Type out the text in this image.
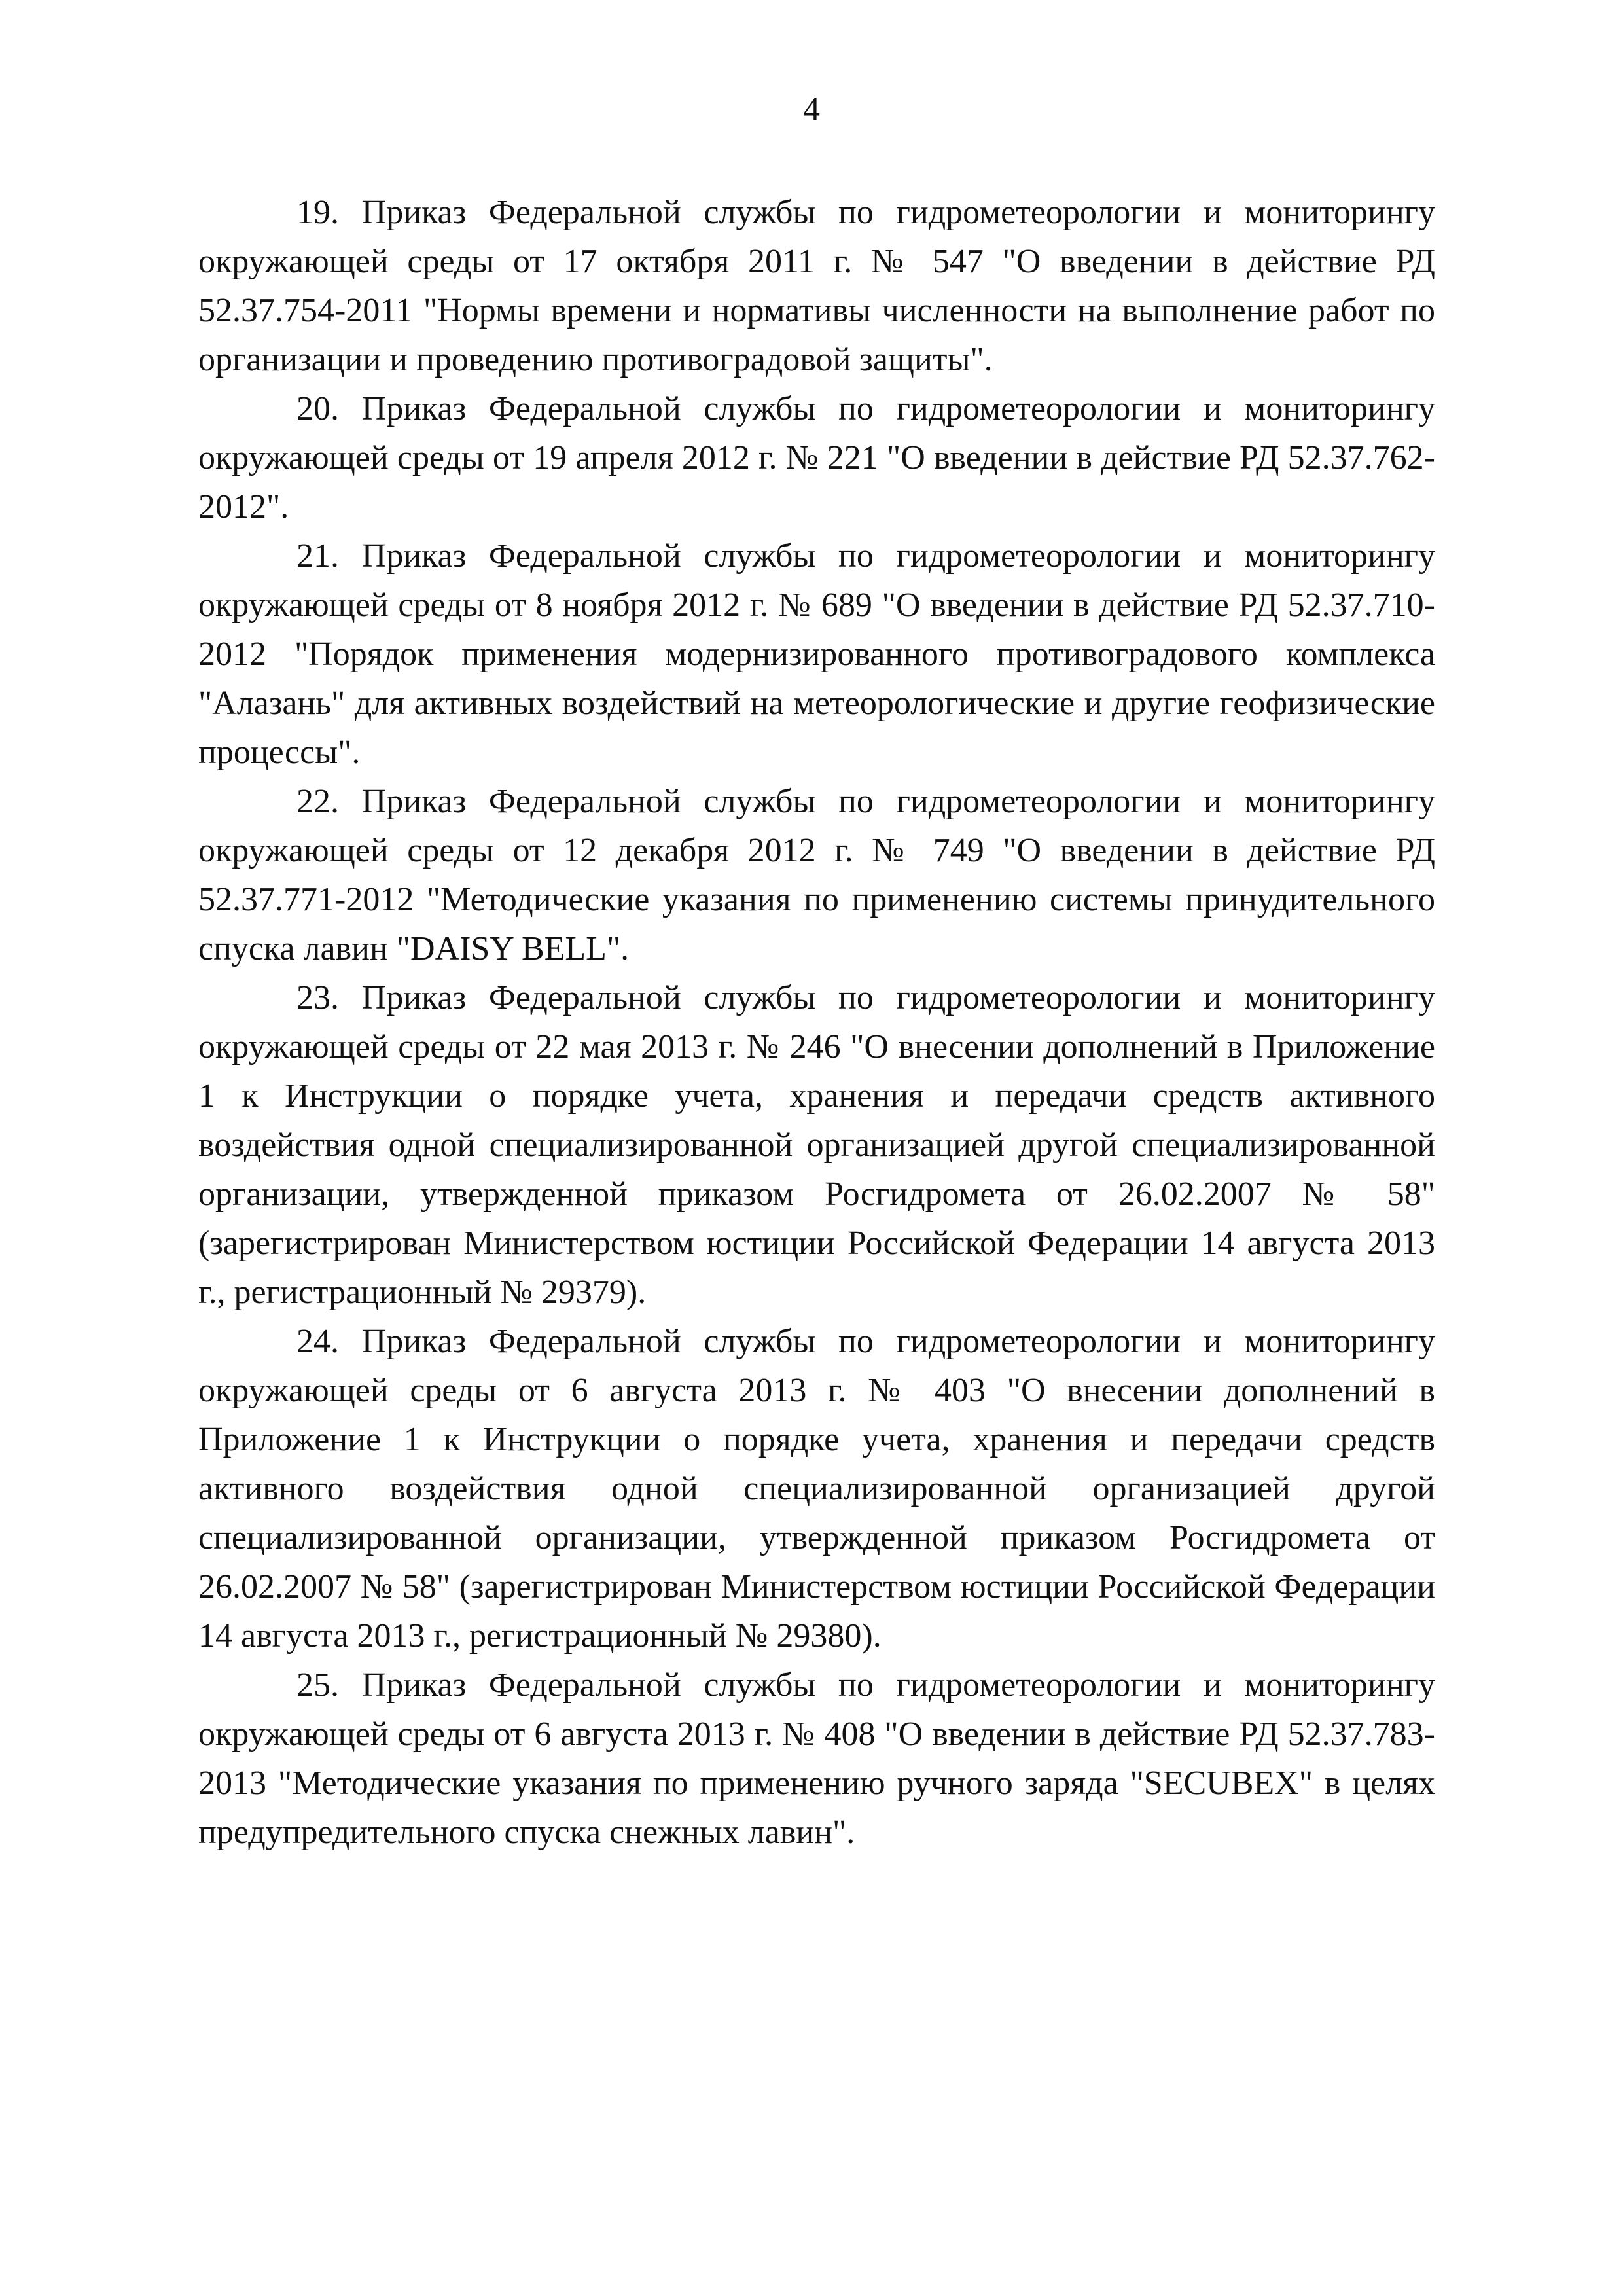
4

19. Приказ Федеральной службы по гидрометеорологии и мониторингу окружающей среды от 17 октября 2011 г. № 547 "О введении в действие РД 52.37.754-2011 "Нормы времени и нормативы численности на выполнение работ по организации и проведению противоградовой защиты".

20. Приказ Федеральной службы по гидрометеорологии и мониторингу окружающей среды от 19 апреля 2012 г. № 221 "О введении в действие РД 52.37.762-2012".

21. Приказ Федеральной службы по гидрометеорологии и мониторингу окружающей среды от 8 ноября 2012 г. № 689 "О введении в действие РД 52.37.710-2012 "Порядок применения модернизированного противоградового комплекса "Алазань" для активных воздействий на метеорологические и другие геофизические процессы".

22. Приказ Федеральной службы по гидрометеорологии и мониторингу окружающей среды от 12 декабря 2012 г. № 749 "О введении в действие РД 52.37.771-2012 "Методические указания по применению системы принудительного спуска лавин "DAISY BELL".

23. Приказ Федеральной службы по гидрометеорологии и мониторингу окружающей среды от 22 мая 2013 г. № 246 "О внесении дополнений в Приложение 1 к Инструкции о порядке учета, хранения и передачи средств активного воздействия одной специализированной организацией другой специализированной организации, утвержденной приказом Росгидромета от 26.02.2007 № 58" (зарегистрирован Министерством юстиции Российской Федерации 14 августа 2013 г., регистрационный № 29379).

24. Приказ Федеральной службы по гидрометеорологии и мониторингу окружающей среды от 6 августа 2013 г. № 403 "О внесении дополнений в Приложение 1 к Инструкции о порядке учета, хранения и передачи средств активного воздействия одной специализированной организацией другой специализированной организации, утвержденной приказом Росгидромета от 26.02.2007 № 58" (зарегистрирован Министерством юстиции Российской Федерации 14 августа 2013 г., регистрационный № 29380).

25. Приказ Федеральной службы по гидрометеорологии и мониторингу окружающей среды от 6 августа 2013 г. № 408 "О введении в действие РД 52.37.783-2013 "Методические указания по применению ручного заряда "SECUBEX" в целях предупредительного спуска снежных лавин".
